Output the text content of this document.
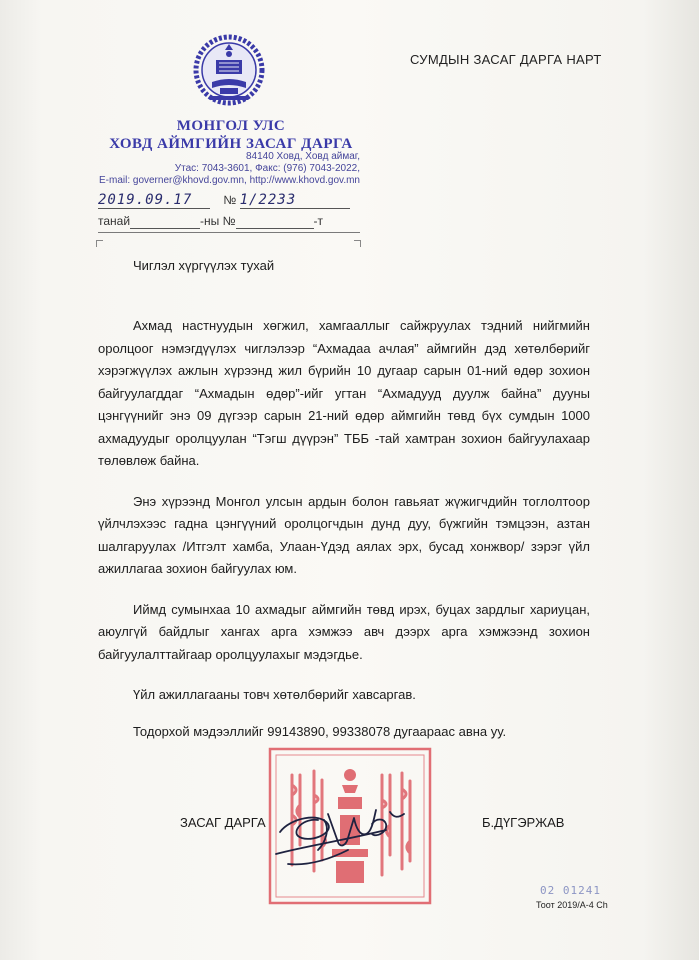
МОНГОЛ УЛС
ХОВД АЙМГИЙН ЗАСАГ ДАРГА
84140 Ховд, Ховд аймаг,
Утас: 7043-3601, Факс: (976) 7043-2022,
E-mail: governer@khovd.gov.mn, http://www.khovd.gov.mn
2019.09.17	№ 1/2233
танай	-ны №	-т
СУМДЫН ЗАСАГ ДАРГА НАРТ
Чиглэл хүргүүлэх тухай

Ахмад настнуудын хөгжил, хамгааллыг сайжруулах тэдний нийгмийн оролцоог нэмэгдүүлэх чиглэлээр “Ахмадаа ачлая” аймгийн дэд хөтөлбөрийг хэрэгжүүлэх ажлын хүрээнд жил бүрийн 10 дугаар сарын 01-ний өдөр зохион байгуулагддаг “Ахмадын өдөр”-ийг угтан “Ахмадууд дуулж байна” дууны цэнгүүнийг энэ 09 дүгээр сарын 21-ний өдөр аймгийн төвд бүх сумдын 1000 ахмадуудыг оролцуулан “Тэгш дүүрэн” ТББ -тай хамтран зохион байгуулахаар төлөвлөж байна.

Энэ хүрээнд Монгол улсын ардын болон гавьяат жүжигчдийн тоглолтоор үйлчлэхээс гадна цэнгүүний оролцогчдын дунд дуу, бүжгийн тэмцээн, азтан шалгаруулах /Итгэлт хамба, Улаан-Үдэд аялах эрх, бусад хонжвор/ зэрэг үйл ажиллагаа зохион байгуулах юм.

Иймд сумынхаа 10 ахмадыг аймгийн төвд ирэх, буцах зардлыг хариуцан, аюулгүй байдлыг хангах арга хэмжээ авч дээрх арга хэмжээнд зохион байгуулалттайгаар оролцуулахыг мэдэгдье.

Үйл ажиллагааны товч хөтөлбөрийг хавсаргав.

Тодорхой мэдээллийг 99143890, 99338078 дугаараас авна уу.

ЗАСАГ ДАРГА	Б.ДҮГЭРЖАВ
02 01241
Тоот 2019/А-4 Ch
